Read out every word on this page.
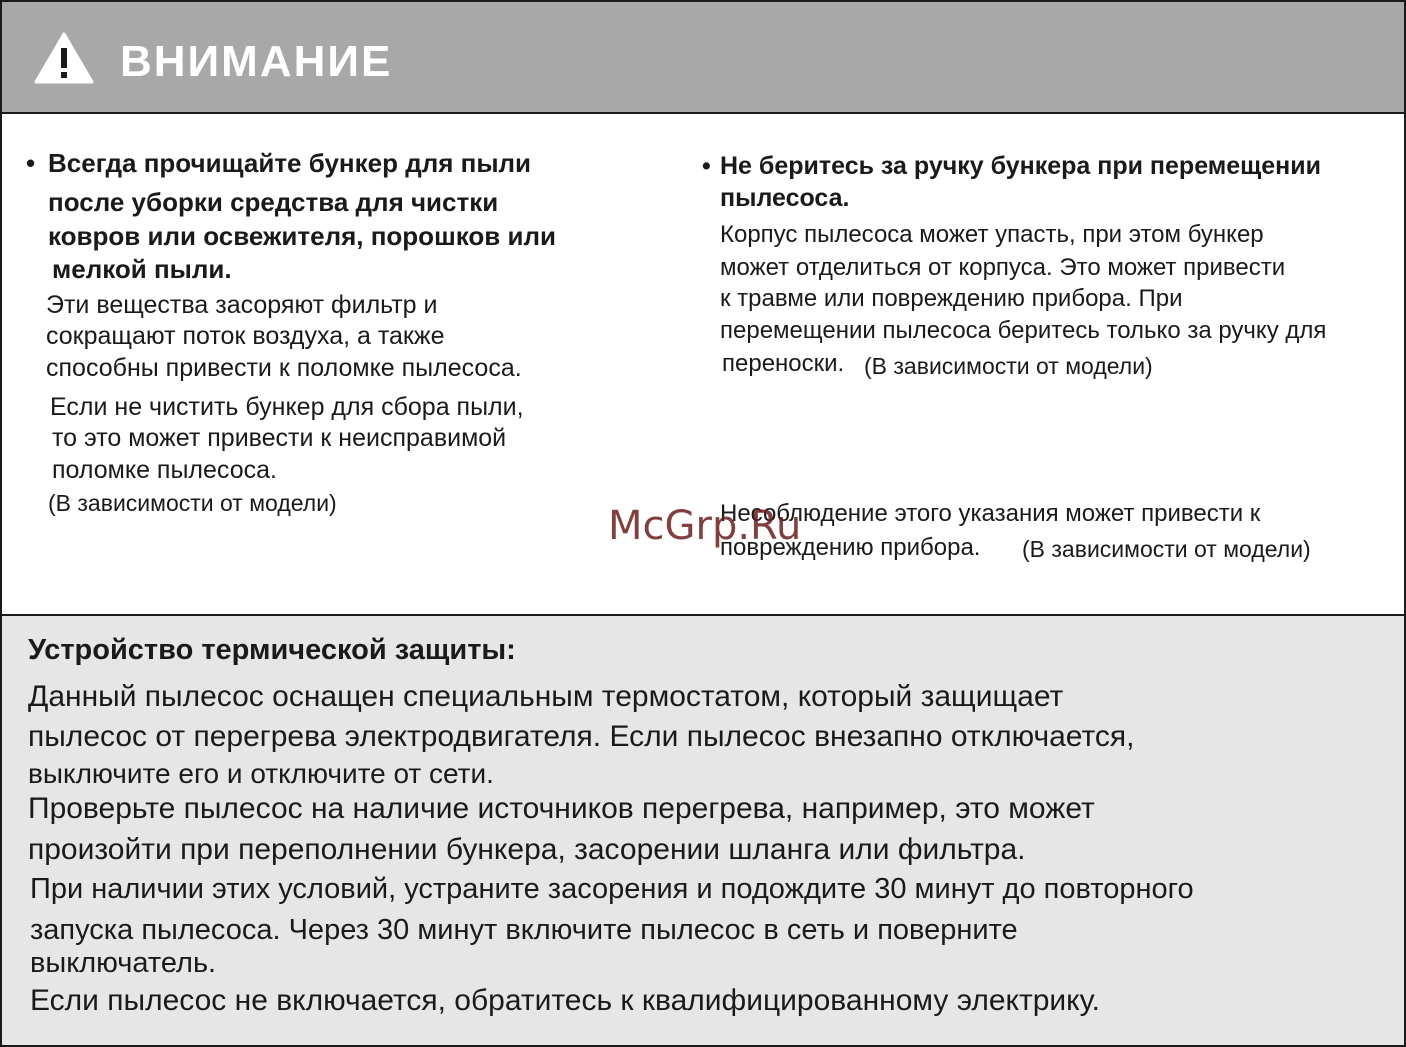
ВНИМАНИЕ
• Всегда прочищайте бункер для пыли
после уборки средства для чистки
ковров или освежителя, порошков или
мелкой пыли.
Эти вещества засоряют фильтр и
сокращают поток воздуха, а также
способны привести к поломке пылесоса.
Если не чистить бункер для сбора пыли,
то это может привести к неисправимой
поломке пылесоса.
(В зависимости от модели)
• Не беритесь за ручку бункера при перемещении
пылесоса.
Корпус пылесоса может упасть, при этом бункер
может отделиться от корпуса. Это может привести
к травме или повреждению прибора. При
перемещении пылесоса беритесь только за ручку для
переноски. (В зависимости от модели)
Несоблюдение этого указания может привести к
повреждению прибора. (В зависимости от модели)
McGrp.Ru
Устройство термической защиты:
Данный пылесос оснащен специальным термостатом, который защищает
пылесос от перегрева электродвигателя. Если пылесос внезапно отключается,
выключите его и отключите от сети.
Проверьте пылесос на наличие источников перегрева, например, это может
произойти при переполнении бункера, засорении шланга или фильтра.
При наличии этих условий, устраните засорения и подождите 30 минут до повторного
запуска пылесоса. Через 30 минут включите пылесос в сеть и поверните
выключатель.
Если пылесос не включается, обратитесь к квалифицированному электрику.
